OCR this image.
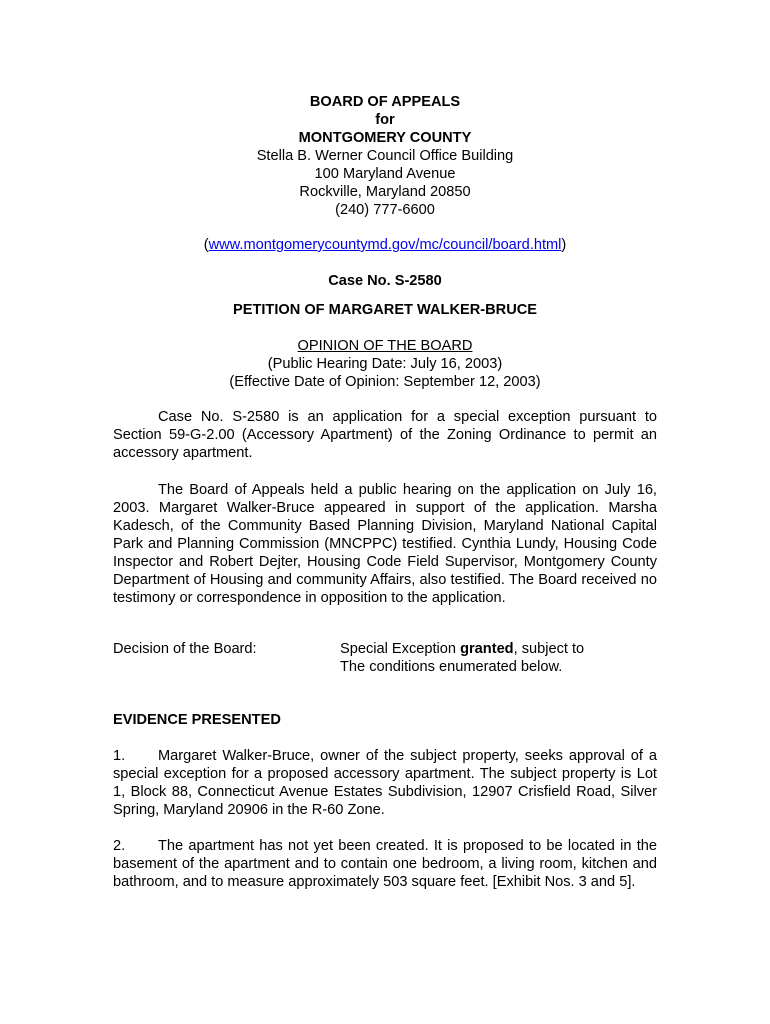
BOARD OF APPEALS
for
MONTGOMERY COUNTY
Stella B. Werner Council Office Building
100 Maryland Avenue
Rockville, Maryland 20850
(240) 777-6600
(www.montgomerycountymd.gov/mc/council/board.html)
Case No. S-2580
PETITION OF MARGARET WALKER-BRUCE
OPINION OF THE BOARD
(Public Hearing Date: July 16, 2003)
(Effective Date of Opinion: September 12, 2003)
Case No. S-2580 is an application for a special exception pursuant to Section 59-G-2.00 (Accessory Apartment) of the Zoning Ordinance to permit an accessory apartment.
The Board of Appeals held a public hearing on the application on July 16, 2003. Margaret Walker-Bruce appeared in support of the application. Marsha Kadesch, of the Community Based Planning Division, Maryland National Capital Park and Planning Commission (MNCPPC) testified. Cynthia Lundy, Housing Code Inspector and Robert Dejter, Housing Code Field Supervisor, Montgomery County Department of Housing and community Affairs, also testified. The Board received no testimony or correspondence in opposition to the application.
Decision of the Board:	Special Exception granted, subject to
The conditions enumerated below.
EVIDENCE PRESENTED
1. Margaret Walker-Bruce, owner of the subject property, seeks approval of a special exception for a proposed accessory apartment. The subject property is Lot 1, Block 88, Connecticut Avenue Estates Subdivision, 12907 Crisfield Road, Silver Spring, Maryland 20906 in the R-60 Zone.
2. The apartment has not yet been created. It is proposed to be located in the basement of the apartment and to contain one bedroom, a living room, kitchen and bathroom, and to measure approximately 503 square feet. [Exhibit Nos. 3 and 5].
